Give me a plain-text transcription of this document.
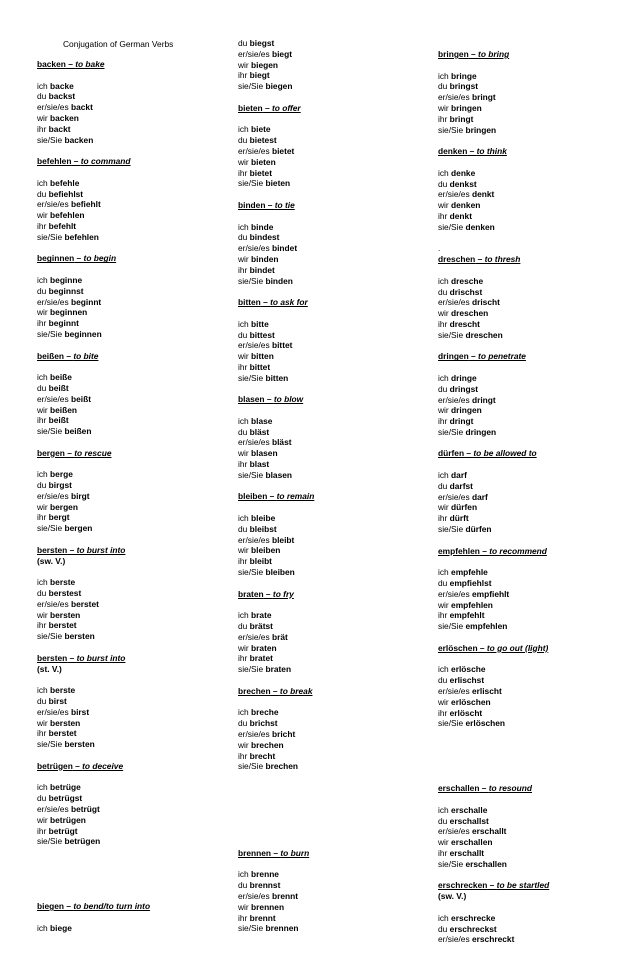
Conjugation of German Verbs
backen – to bake
ich backe
du backst
er/sie/es backt
wir backen
ihr backt
sie/Sie backen
befehlen – to command
ich befehle
du befiehlst
er/sie/es befiehlt
wir befehlen
ihr befehlt
sie/Sie befehlen
beginnen – to begin
ich beginne
du beginnst
er/sie/es beginnt
wir beginnen
ihr beginnt
sie/Sie beginnen
beißen – to bite
ich beiße
du beißt
er/sie/es beißt
wir beißen
ihr beißt
sie/Sie beißen
bergen – to rescue
ich berge
du birgst
er/sie/es birgt
wir bergen
ihr bergt
sie/Sie bergen
bersten – to burst into
(sw. V.)
ich berste
du berstest
er/sie/es berstet
wir bersten
ihr berstet
sie/Sie bersten
bersten – to burst into
(st. V.)
ich berste
du birst
er/sie/es birst
wir bersten
ihr berstet
sie/Sie bersten
betrügen – to deceive
ich betrüge
du betrügst
er/sie/es betrügt
wir betrügen
ihr betrügt
sie/Sie betrügen
biegen – to bend/to turn into
ich biege
du biegst
er/sie/es biegt
wir biegen
ihr biegt
sie/Sie biegen
bieten – to offer
ich biete
du bietest
er/sie/es bietet
wir bieten
ihr bietet
sie/Sie bieten
binden – to tie
ich binde
du bindest
er/sie/es bindet
wir binden
ihr bindet
sie/Sie binden
bitten – to ask for
ich bitte
du bittest
er/sie/es bittet
wir bitten
ihr bittet
sie/Sie bitten
blasen – to blow
ich blase
du bläst
er/sie/es bläst
wir blasen
ihr blast
sie/Sie blasen
bleiben – to remain
ich bleibe
du bleibst
er/sie/es bleibt
wir bleiben
ihr bleibt
sie/Sie bleiben
braten – to fry
ich brate
du brätst
er/sie/es brät
wir braten
ihr bratet
sie/Sie braten
brechen – to break
ich breche
du brichst
er/sie/es bricht
wir brechen
ihr brecht
sie/Sie brechen
brennen – to burn
ich brenne
du brennst
er/sie/es brennt
wir brennen
ihr brennt
sie/Sie brennen
bringen – to bring
ich bringe
du bringst
er/sie/es bringt
wir bringen
ihr bringt
sie/Sie bringen
denken – to think
ich denke
du denkst
er/sie/es denkt
wir denken
ihr denkt
sie/Sie denken
.
dreschen – to thresh
ich dresche
du drischst
er/sie/es drischt
wir dreschen
ihr drescht
sie/Sie dreschen
dringen – to penetrate
ich dringe
du dringst
er/sie/es dringt
wir dringen
ihr dringt
sie/Sie dringen
dürfen – to be allowed to
ich darf
du darfst
er/sie/es darf
wir dürfen
ihr dürft
sie/Sie dürfen
empfehlen – to recommend
ich empfehle
du empfiehlst
er/sie/es empfiehlt
wir empfehlen
ihr empfehlt
sie/Sie empfehlen
erlöschen – to go out (light)
ich erlösche
du erlischst
er/sie/es erlischt
wir erlöschen
ihr erlöscht
sie/Sie erlöschen
erschallen – to resound
ich erschalle
du erschallst
er/sie/es erschallt
wir erschallen
ihr erschallt
sie/Sie erschallen
erschrecken – to be startled
(sw. V.)
ich erschrecke
du erschreckst
er/sie/es erschreckt
